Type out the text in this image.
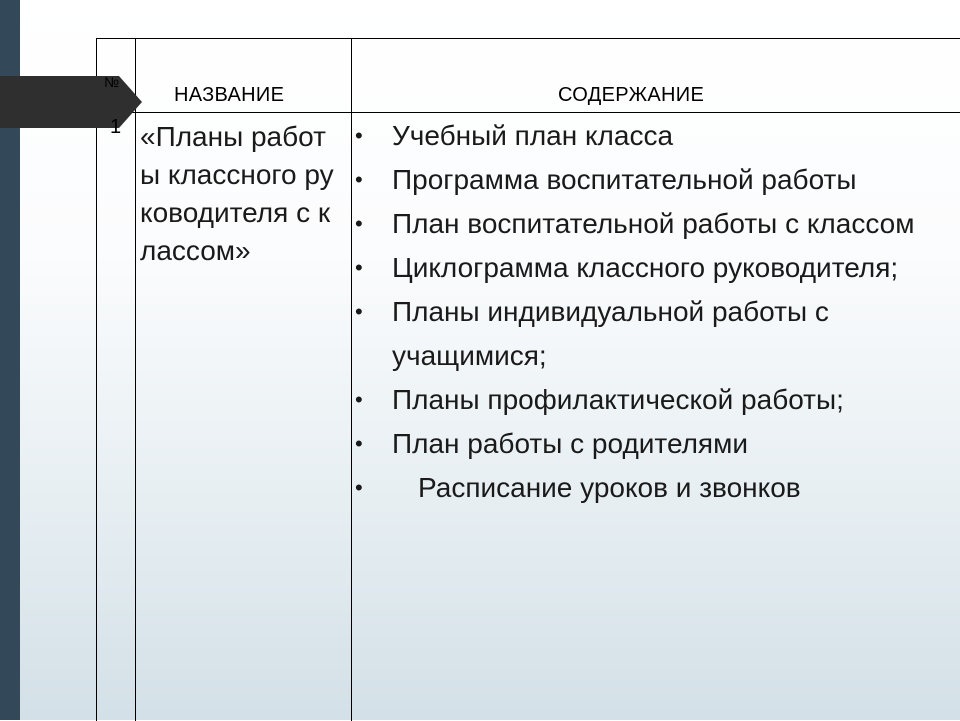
№
НАЗВАНИЕ	СОДЕРЖАНИЕ
1 «Планы работы классного руководителя с классом»
• Учебный план класса
• Программа воспитательной работы
• План воспитательной работы с классом
• Циклограмма классного руководителя;
• Планы индивидуальной работы с учащимися;
• Планы профилактической работы;
• План работы с родителями
• Расписание уроков и звонков
